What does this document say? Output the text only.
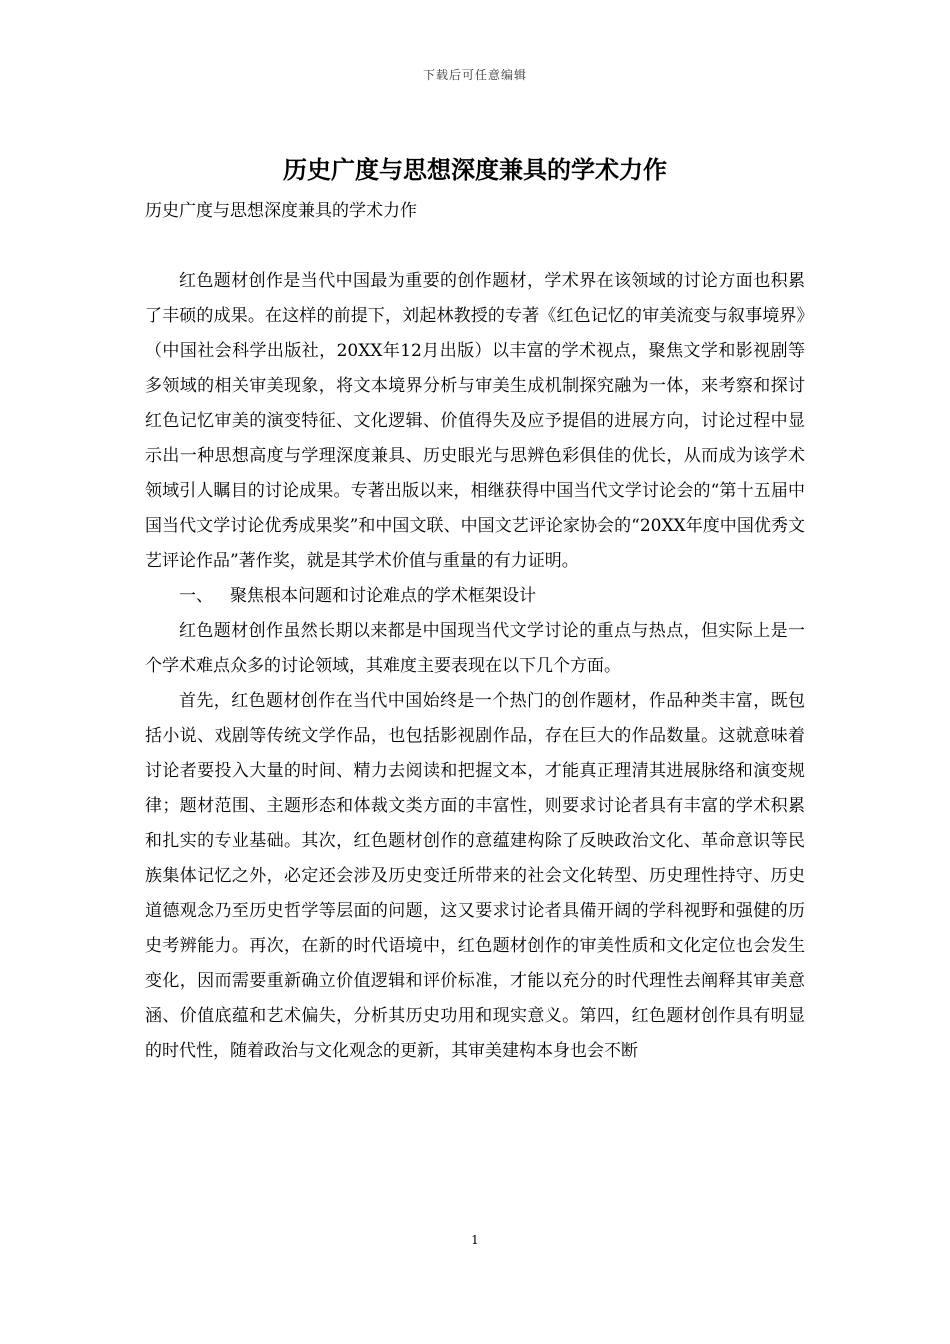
下载后可任意编辑
历史广度与思想深度兼具的学术力作

历史广度与思想深度兼具的学术力作

红色题材创作是当代中国最为重要的创作题材，学术界在该领域的讨论方面也积累了丰硕的成果。在这样的前提下，刘起林教授的专著《红色记忆的审美流变与叙事境界》（中国社会科学出版社，20XX年12月出版）以丰富的学术视点，聚焦文学和影视剧等多领域的相关审美现象，将文本境界分析与审美生成机制探究融为一体，来考察和探讨红色记忆审美的演变特征、文化逻辑、价值得失及应予提倡的进展方向，讨论过程中显示出一种思想高度与学理深度兼具、历史眼光与思辨色彩俱佳的优长，从而成为该学术领域引人瞩目的讨论成果。专著出版以来，相继获得中国当代文学讨论会的“第十五届中国当代文学讨论优秀成果奖”和中国文联、中国文艺评论家协会的“20XX年度中国优秀文艺评论作品”著作奖，就是其学术价值与重量的有力证明。

一、 聚焦根本问题和讨论难点的学术框架设计

红色题材创作虽然长期以来都是中国现当代文学讨论的重点与热点，但实际上是一个学术难点众多的讨论领域，其难度主要表现在以下几个方面。

首先，红色题材创作在当代中国始终是一个热门的创作题材，作品种类丰富，既包括小说、戏剧等传统文学作品，也包括影视剧作品，存在巨大的作品数量。这就意味着讨论者要投入大量的时间、精力去阅读和把握文本，才能真正理清其进展脉络和演变规律；题材范围、主题形态和体裁文类方面的丰富性，则要求讨论者具有丰富的学术积累和扎实的专业基础。其次，红色题材创作的意蕴建构除了反映政治文化、革命意识等民族集体记忆之外，必定还会涉及历史变迁所带来的社会文化转型、历史理性持守、历史道德观念乃至历史哲学等层面的问题，这又要求讨论者具備开阔的学科视野和强健的历史考辨能力。再次，在新的时代语境中，红色题材创作的审美性质和文化定位也会发生变化，因而需要重新确立价值逻辑和评价标准，才能以充分的时代理性去阐释其审美意涵、价值底蕴和艺术偏失，分析其历史功用和现实意义。第四，红色题材创作具有明显的时代性，随着政治与文化观念的更新，其审美建构本身也会不断

1
